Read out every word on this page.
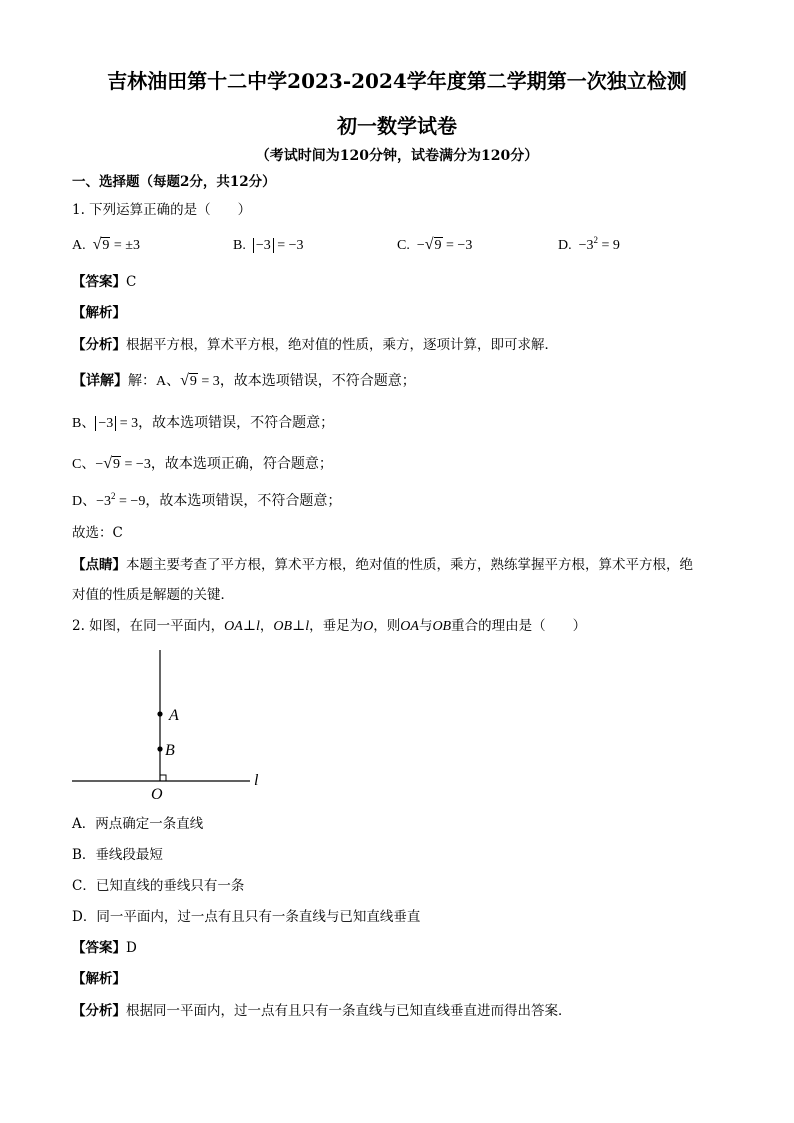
吉林油田第十二中学2023-2024学年度第二学期第一次独立检测
初一数学试卷
（考试时间为120分钟，试卷满分为120分）
一、选择题（每题2分，共12分）
1. 下列运算正确的是（　　）
A. √9 = ±3	B. −3 = −3	C. −√9 = −3	D. $-3^2 = 9$
【答案】C
【解析】
【分析】根据平方根，算术平方根，绝对值的性质，乘方，逐项计算，即可求解．
【详解】解：A、√9 = 3，故本选项错误，不符合题意；
B、 −3 = 3，故本选项错误，不符合题意；
C、−√9 = −3，故本选项正确，符合题意；
D、$-3^2 = -9$，故本选项错误，不符合题意；
故选：C
【点睛】本题主要考查了平方根，算术平方根，绝对值的性质，乘方，熟练掌握平方根，算术平方根，绝
对值的性质是解题的关键．
2. 如图，在同一平面内，OA⊥l，OB⊥l，垂足为O，则OA与OB重合的理由是（　　）
A
B
O
l
A．两点确定一条直线
B．垂线段最短
C．已知直线的垂线只有一条
D．同一平面内，过一点有且只有一条直线与已知直线垂直
【答案】D
【解析】
【分析】根据同一平面内，过一点有且只有一条直线与已知直线垂直进而得出答案．
